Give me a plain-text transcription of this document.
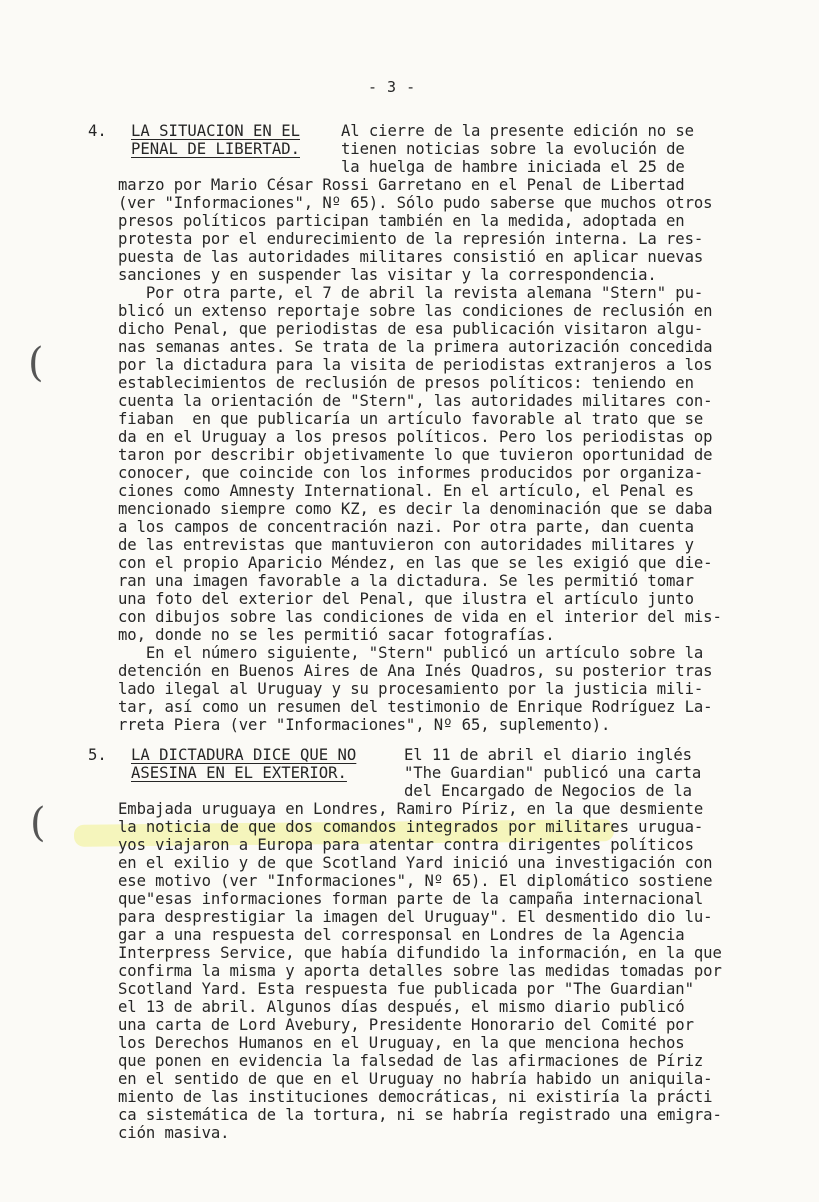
(
(
- 3 -
4. LA SITUACION EN EL
PENAL DE LIBERTAD.
Al cierre de la presente edición no se
tienen noticias sobre la evolución de
la huelga de hambre iniciada el 25 de
marzo por Mario César Rossi Garretano en el Penal de Libertad
(ver "Informaciones", Nº 65). Sólo pudo saberse que muchos otros
presos políticos participan también en la medida, adoptada en
protesta por el endurecimiento de la represión interna. La res-
puesta de las autoridades militares consistió en aplicar nuevas
sanciones y en suspender las visitar y la correspondencia.
Por otra parte, el 7 de abril la revista alemana "Stern" pu-
blicó un extenso reportaje sobre las condiciones de reclusión en
dicho Penal, que periodistas de esa publicación visitaron algu-
nas semanas antes. Se trata de la primera autorización concedida
por la dictadura para la visita de periodistas extranjeros a los
establecimientos de reclusión de presos políticos: teniendo en
cuenta la orientación de "Stern", las autoridades militares con-
fiaban  en que publicaría un artículo favorable al trato que se
da en el Uruguay a los presos políticos. Pero los periodistas op
taron por describir objetivamente lo que tuvieron oportunidad de
conocer, que coincide con los informes producidos por organiza-
ciones como Amnesty International. En el artículo, el Penal es
mencionado siempre como KZ, es decir la denominación que se daba
a los campos de concentración nazi. Por otra parte, dan cuenta
de las entrevistas que mantuvieron con autoridades militares y
con el propio Aparicio Méndez, en las que se les exigió que die-
ran una imagen favorable a la dictadura. Se les permitió tomar
una foto del exterior del Penal, que ilustra el artículo junto
con dibujos sobre las condiciones de vida en el interior del mis-
mo, donde no se les permitió sacar fotografías.
En el número siguiente, "Stern" publicó un artículo sobre la
detención en Buenos Aires de Ana Inés Quadros, su posterior tras
lado ilegal al Uruguay y su procesamiento por la justicia mili-
tar, así como un resumen del testimonio de Enrique Rodríguez La-
rreta Piera (ver "Informaciones", Nº 65, suplemento).
5. LA DICTADURA DICE QUE NO
ASESINA EN EL EXTERIOR.
El 11 de abril el diario inglés
"The Guardian" publicó una carta
del Encargado de Negocios de la
Embajada uruguaya en Londres, Ramiro Píriz, en la que desmiente
la noticia de que dos comandos integrados por militares urugua-
yos viajaron a Europa para atentar contra dirigentes políticos
en el exilio y de que Scotland Yard inició una investigación con
ese motivo (ver "Informaciones", Nº 65). El diplomático sostiene
que"esas informaciones forman parte de la campaña internacional
para desprestigiar la imagen del Uruguay". El desmentido dio lu-
gar a una respuesta del corresponsal en Londres de la Agencia
Interpress Service, que había difundido la información, en la que
confirma la misma y aporta detalles sobre las medidas tomadas por
Scotland Yard. Esta respuesta fue publicada por "The Guardian"
el 13 de abril. Algunos días después, el mismo diario publicó
una carta de Lord Avebury, Presidente Honorario del Comité por
los Derechos Humanos en el Uruguay, en la que menciona hechos
que ponen en evidencia la falsedad de las afirmaciones de Píriz
en el sentido de que en el Uruguay no habría habido un aniquila-
miento de las instituciones democráticas, ni existiría la prácti
ca sistemática de la tortura, ni se habría registrado una emigra-
ción masiva.
